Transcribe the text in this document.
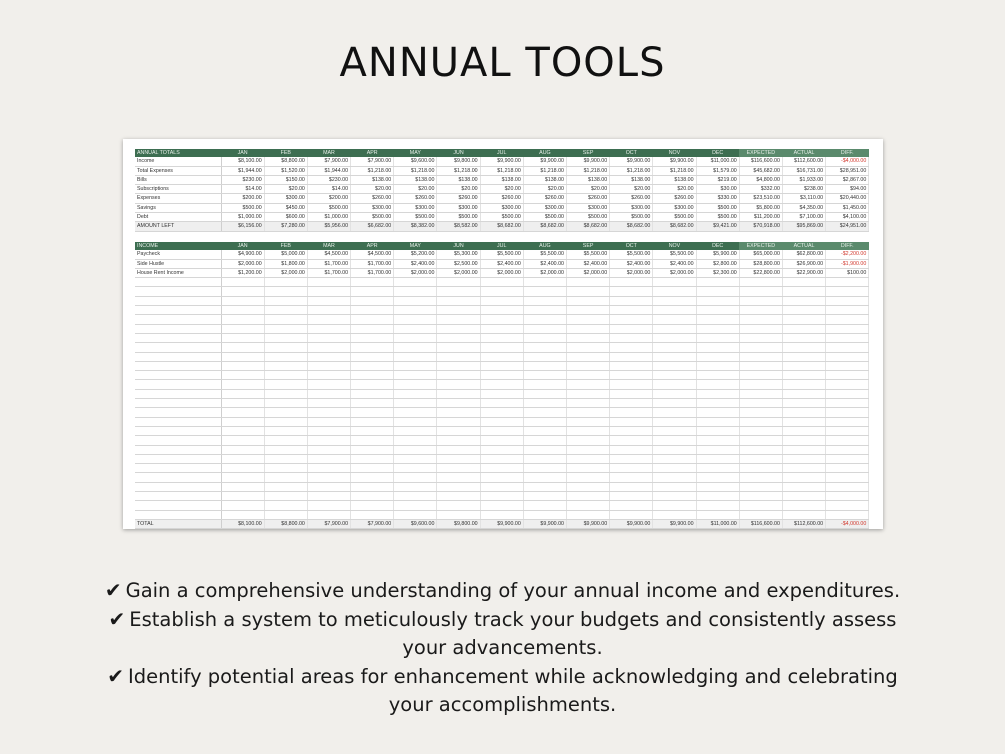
ANNUAL TOOLS
ANNUAL TOTALS	JAN	FEB	MAR	APR	MAY	JUN	JUL	AUG	SEP	OCT	NOV	DEC	EXPECTED	ACTUAL	DIFF.
Income	$8,100.00	$8,800.00	$7,900.00	$7,900.00	$9,600.00	$9,800.00	$9,900.00	$9,900.00	$9,900.00	$9,900.00	$9,900.00	$11,000.00	$116,600.00	$112,600.00	-$4,000.00
Total Expenses	$1,944.00	$1,520.00	$1,944.00	$1,218.00	$1,218.00	$1,218.00	$1,218.00	$1,218.00	$1,218.00	$1,218.00	$1,218.00	$1,579.00	$45,682.00	$16,731.00	$28,951.00
Bills	$230.00	$150.00	$230.00	$138.00	$138.00	$138.00	$138.00	$138.00	$138.00	$138.00	$138.00	$219.00	$4,800.00	$1,933.00	$2,867.00
Subscriptions	$14.00	$20.00	$14.00	$20.00	$20.00	$20.00	$20.00	$20.00	$20.00	$20.00	$20.00	$30.00	$332.00	$238.00	$94.00
Expenses	$200.00	$300.00	$200.00	$260.00	$260.00	$260.00	$260.00	$260.00	$260.00	$260.00	$260.00	$330.00	$23,510.00	$3,110.00	$20,440.00
Savings	$500.00	$450.00	$500.00	$300.00	$300.00	$300.00	$300.00	$300.00	$300.00	$300.00	$300.00	$500.00	$5,800.00	$4,350.00	$1,450.00
Debt	$1,000.00	$600.00	$1,000.00	$500.00	$500.00	$500.00	$500.00	$500.00	$500.00	$500.00	$500.00	$500.00	$11,200.00	$7,100.00	$4,100.00
AMOUNT LEFT	$6,156.00	$7,280.00	$5,956.00	$6,682.00	$8,382.00	$8,582.00	$8,682.00	$8,682.00	$8,682.00	$8,682.00	$8,682.00	$9,421.00	$70,918.00	$95,869.00	$24,951.00
INCOME	JAN	FEB	MAR	APR	MAY	JUN	JUL	AUG	SEP	OCT	NOV	DEC	EXPECTED	ACTUAL	DIFF.
Paycheck	$4,900.00	$5,000.00	$4,500.00	$4,500.00	$5,200.00	$5,300.00	$5,500.00	$5,500.00	$5,500.00	$5,500.00	$5,500.00	$5,900.00	$65,000.00	$62,800.00	-$2,200.00
Side Hustle	$2,000.00	$1,800.00	$1,700.00	$1,700.00	$2,400.00	$2,500.00	$2,400.00	$2,400.00	$2,400.00	$2,400.00	$2,400.00	$2,800.00	$28,800.00	$26,900.00	-$1,900.00
House Rent Income	$1,200.00	$2,000.00	$1,700.00	$1,700.00	$2,000.00	$2,000.00	$2,000.00	$2,000.00	$2,000.00	$2,000.00	$2,000.00	$2,300.00	$22,800.00	$22,900.00	$100.00

TOTAL	$8,100.00	$8,800.00	$7,900.00	$7,900.00	$9,600.00	$9,800.00	$9,900.00	$9,900.00	$9,900.00	$9,900.00	$9,900.00	$11,000.00	$116,600.00	$112,600.00	-$4,000.00
✔ Gain a comprehensive understanding of your annual income and expenditures.
✔ Establish a system to meticulously track your budgets and consistently assess your advancements.
✔ Identify potential areas for enhancement while acknowledging and celebrating your accomplishments.
